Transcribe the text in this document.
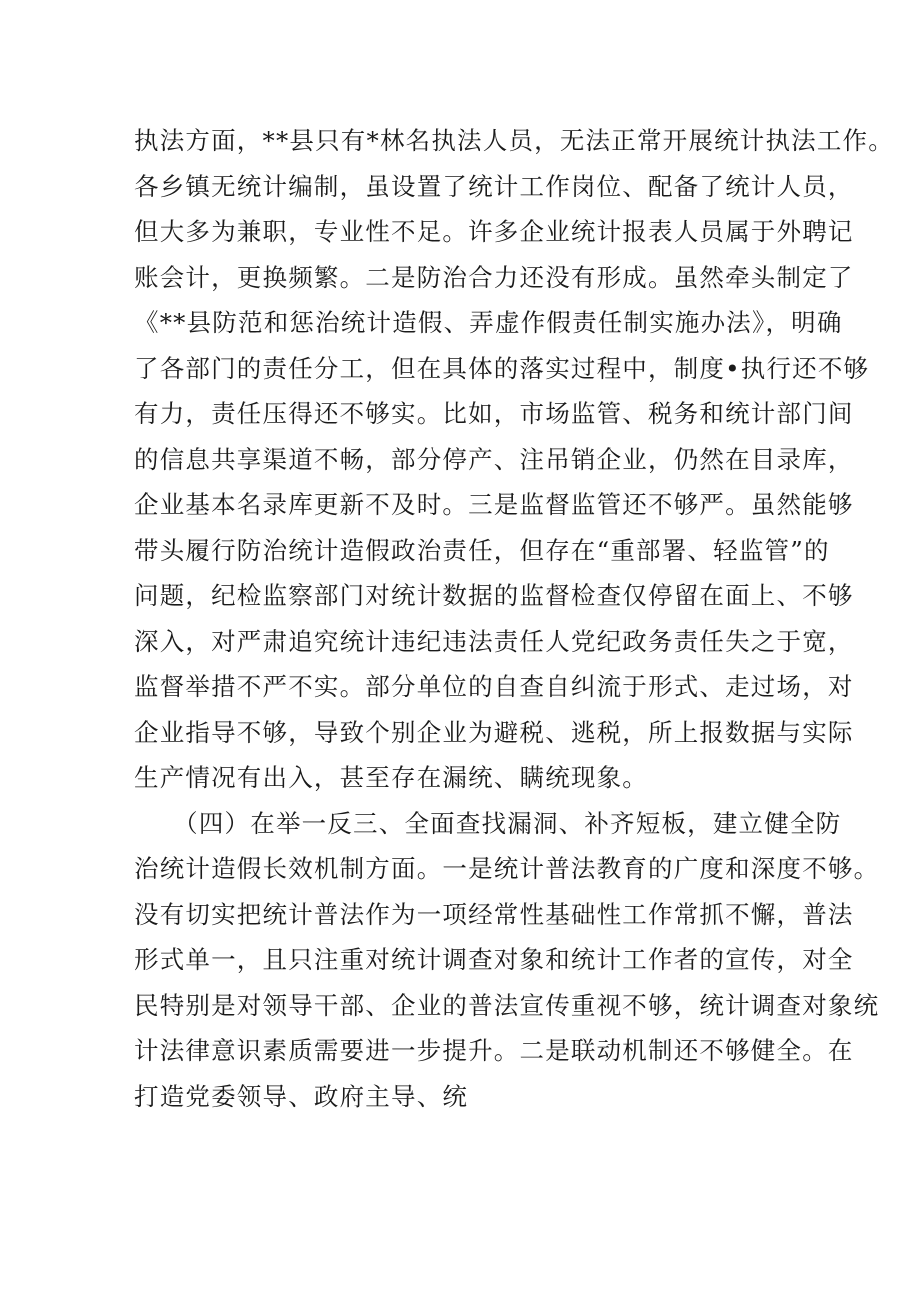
执法方面，**县只有*林名执法人员，无法正常开展统计执法工作。
各乡镇无统计编制，虽设置了统计工作岗位、配备了统计人员，
但大多为兼职，专业性不足。许多企业统计报表人员属于外聘记
账会计，更换频繁。二是防治合力还没有形成。虽然牵头制定了
《**县防范和惩治统计造假、弄虚作假责任制实施办法》，明确
了各部门的责任分工，但在具体的落实过程中，制度•执行还不够
有力，责任压得还不够实。比如，市场监管、税务和统计部门间
的信息共享渠道不畅，部分停产、注吊销企业，仍然在目录库，
企业基本名录库更新不及时。三是监督监管还不够严。虽然能够
带头履行防治统计造假政治责任，但存在“重部署、轻监管”的
问题，纪检监察部门对统计数据的监督检查仅停留在面上、不够
深入，对严肃追究统计违纪违法责任人党纪政务责任失之于宽，
监督举措不严不实。部分单位的自查自纠流于形式、走过场，对
企业指导不够，导致个别企业为避税、逃税，所上报数据与实际
生产情况有出入，甚至存在漏统、瞒统现象。
　　（四）在举一反三、全面查找漏洞、补齐短板，建立健全防
治统计造假长效机制方面。一是统计普法教育的广度和深度不够。
没有切实把统计普法作为一项经常性基础性工作常抓不懈，普法
形式单一，且只注重对统计调查对象和统计工作者的宣传，对全
民特别是对领导干部、企业的普法宣传重视不够，统计调查对象统
计法律意识素质需要进一步提升。二是联动机制还不够健全。在
打造党委领导、政府主导、统
